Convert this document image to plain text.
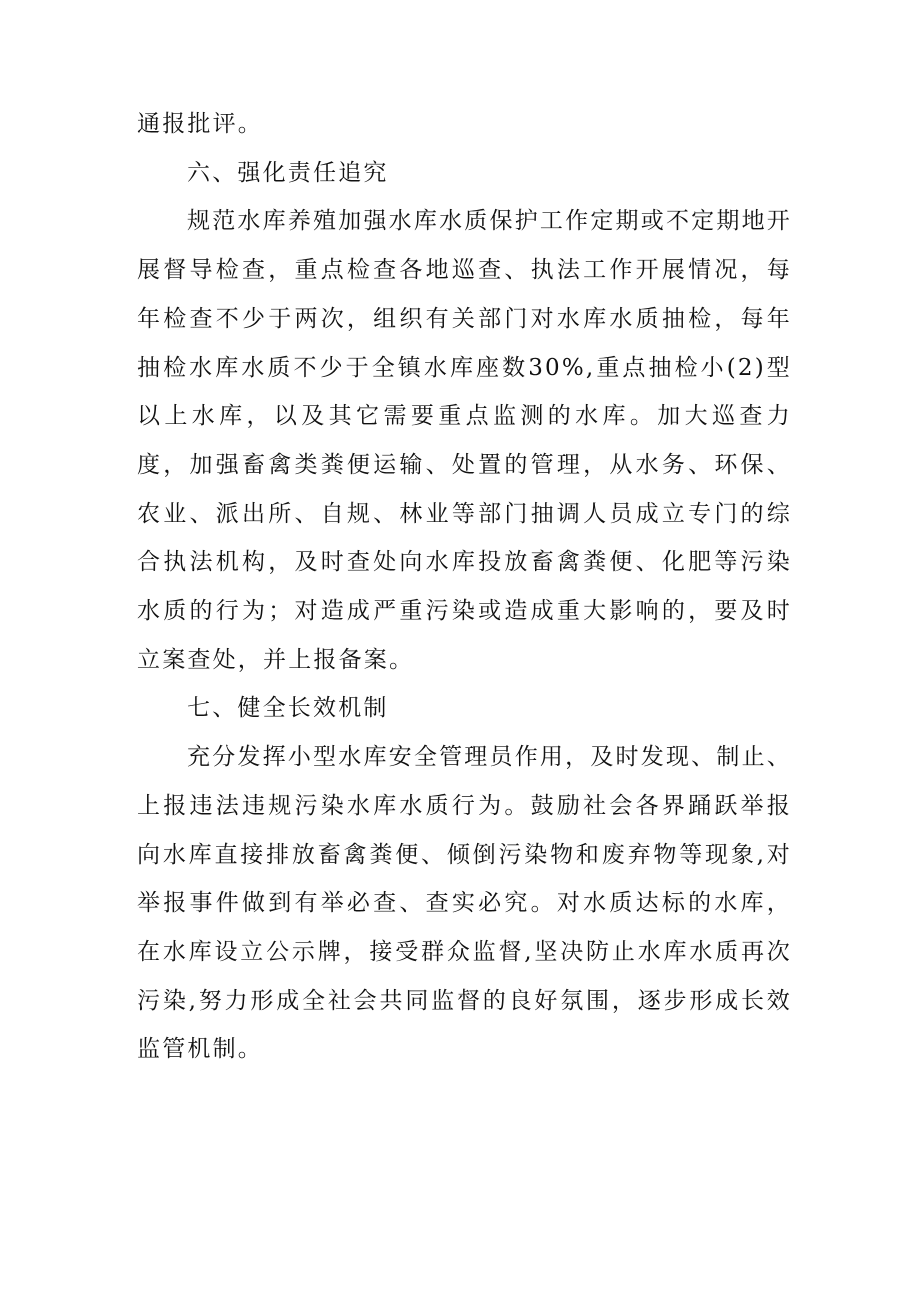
通报批评。

六、强化责任追究

规范水库养殖加强水库水质保护工作定期或不定期地开展督导检查，重点检查各地巡查、执法工作开展情况，每年检查不少于两次，组织有关部门对水库水质抽检，每年抽检水库水质不少于全镇水库座数30%,重点抽检小(2)型以上水库，以及其它需要重点监测的水库。加大巡查力度，加强畜禽类粪便运输、处置的管理，从水务、环保、农业、派出所、自规、林业等部门抽调人员成立专门的综合执法机构，及时查处向水库投放畜禽粪便、化肥等污染水质的行为；对造成严重污染或造成重大影响的，要及时立案查处，并上报备案。

七、健全长效机制

充分发挥小型水库安全管理员作用，及时发现、制止、上报违法违规污染水库水质行为。鼓励社会各界踊跃举报向水库直接排放畜禽粪便、倾倒污染物和废弃物等现象,对举报事件做到有举必查、查实必究。对水质达标的水库，在水库设立公示牌，接受群众监督,坚决防止水库水质再次污染,努力形成全社会共同监督的良好氛围，逐步形成长效监管机制。
